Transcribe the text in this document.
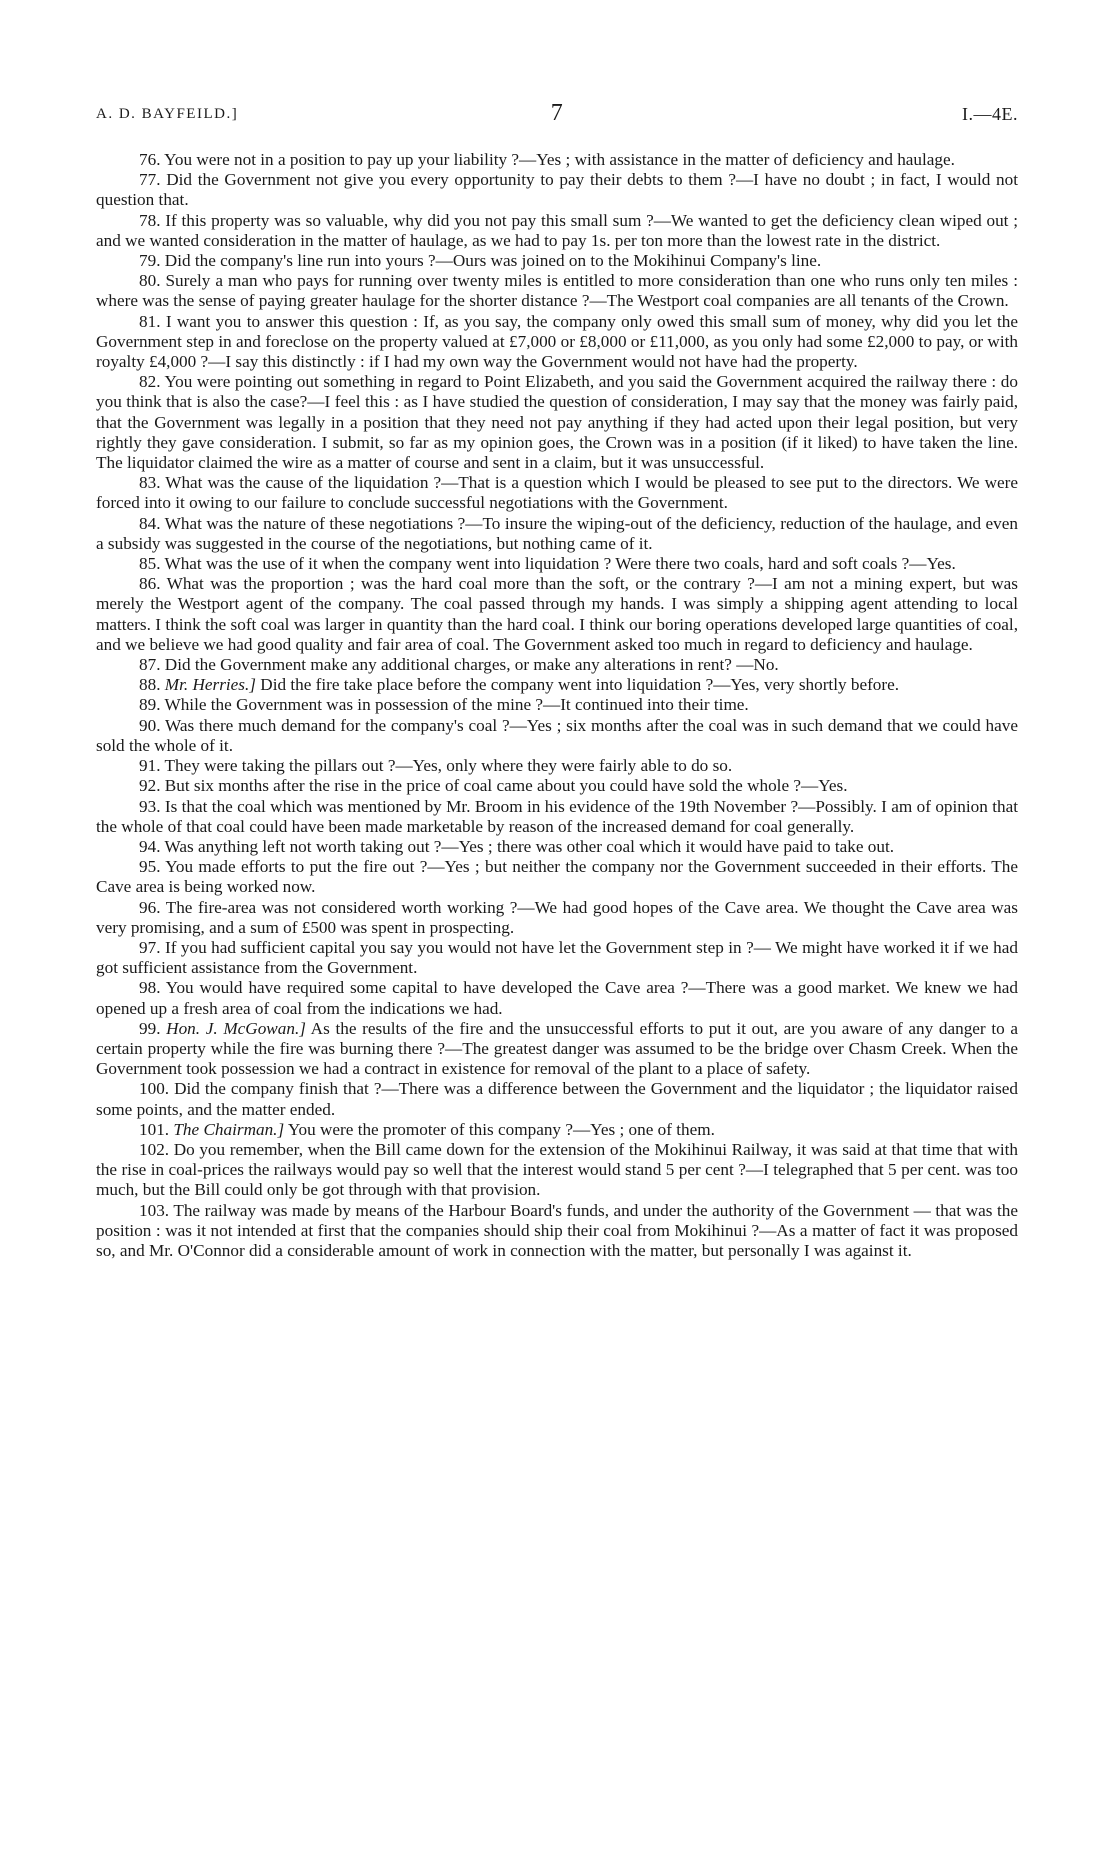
A. D. BAYFEILD.]	7	I.—4E.

76. You were not in a position to pay up your liability ?—Yes ; with assistance in the matter of deficiency and haulage.

77. Did the Government not give you every opportunity to pay their debts to them ?—I have no doubt ; in fact, I would not question that.

78. If this property was so valuable, why did you not pay this small sum ?—We wanted to get the deficiency clean wiped out ; and we wanted consideration in the matter of haulage, as we had to pay 1s. per ton more than the lowest rate in the district.

79. Did the company's line run into yours ?—Ours was joined on to the Mokihinui Company's line.

80. Surely a man who pays for running over twenty miles is entitled to more consideration than one who runs only ten miles : where was the sense of paying greater haulage for the shorter distance ?—The Westport coal companies are all tenants of the Crown.

81. I want you to answer this question : If, as you say, the company only owed this small sum of money, why did you let the Government step in and foreclose on the property valued at £7,000 or £8,000 or £11,000, as you only had some £2,000 to pay, or with royalty £4,000 ?—I say this distinctly : if I had my own way the Government would not have had the property.

82. You were pointing out something in regard to Point Elizabeth, and you said the Government acquired the railway there : do you think that is also the case?—I feel this : as I have studied the question of consideration, I may say that the money was fairly paid, that the Government was legally in a position that they need not pay anything if they had acted upon their legal position, but very rightly they gave consideration. I submit, so far as my opinion goes, the Crown was in a position (if it liked) to have taken the line. The liquidator claimed the wire as a matter of course and sent in a claim, but it was unsuccessful.

83. What was the cause of the liquidation ?—That is a question which I would be pleased to see put to the directors. We were forced into it owing to our failure to conclude successful negotiations with the Government.

84. What was the nature of these negotiations ?—To insure the wiping-out of the deficiency, reduction of the haulage, and even a subsidy was suggested in the course of the negotiations, but nothing came of it.

85. What was the use of it when the company went into liquidation ? Were there two coals, hard and soft coals ?—Yes.

86. What was the proportion ; was the hard coal more than the soft, or the contrary ?—I am not a mining expert, but was merely the Westport agent of the company. The coal passed through my hands. I was simply a shipping agent attending to local matters. I think the soft coal was larger in quantity than the hard coal. I think our boring operations developed large quantities of coal, and we believe we had good quality and fair area of coal. The Government asked too much in regard to deficiency and haulage.

87. Did the Government make any additional charges, or make any alterations in rent? —No.

88. Mr. Herries.] Did the fire take place before the company went into liquidation ?—Yes, very shortly before.

89. While the Government was in possession of the mine ?—It continued into their time.

90. Was there much demand for the company's coal ?—Yes ; six months after the coal was in such demand that we could have sold the whole of it.

91. They were taking the pillars out ?—Yes, only where they were fairly able to do so.

92. But six months after the rise in the price of coal came about you could have sold the whole ?—Yes.

93. Is that the coal which was mentioned by Mr. Broom in his evidence of the 19th November ?—Possibly. I am of opinion that the whole of that coal could have been made marketable by reason of the increased demand for coal generally.

94. Was anything left not worth taking out ?—Yes ; there was other coal which it would have paid to take out.

95. You made efforts to put the fire out ?—Yes ; but neither the company nor the Government succeeded in their efforts. The Cave area is being worked now.

96. The fire-area was not considered worth working ?—We had good hopes of the Cave area. We thought the Cave area was very promising, and a sum of £500 was spent in prospecting.

97. If you had sufficient capital you say you would not have let the Government step in ?— We might have worked it if we had got sufficient assistance from the Government.

98. You would have required some capital to have developed the Cave area ?—There was a good market. We knew we had opened up a fresh area of coal from the indications we had.

99. Hon. J. McGowan.] As the results of the fire and the unsuccessful efforts to put it out, are you aware of any danger to a certain property while the fire was burning there ?—The greatest danger was assumed to be the bridge over Chasm Creek. When the Government took possession we had a contract in existence for removal of the plant to a place of safety.

100. Did the company finish that ?—There was a difference between the Government and the liquidator ; the liquidator raised some points, and the matter ended.

101. The Chairman.] You were the promoter of this company ?—Yes ; one of them.

102. Do you remember, when the Bill came down for the extension of the Mokihinui Railway, it was said at that time that with the rise in coal-prices the railways would pay so well that the interest would stand 5 per cent ?—I telegraphed that 5 per cent. was too much, but the Bill could only be got through with that provision.

103. The railway was made by means of the Harbour Board's funds, and under the authority of the Government — that was the position : was it not intended at first that the companies should ship their coal from Mokihinui ?—As a matter of fact it was proposed so, and Mr. O'Connor did a considerable amount of work in connection with the matter, but personally I was against it.
